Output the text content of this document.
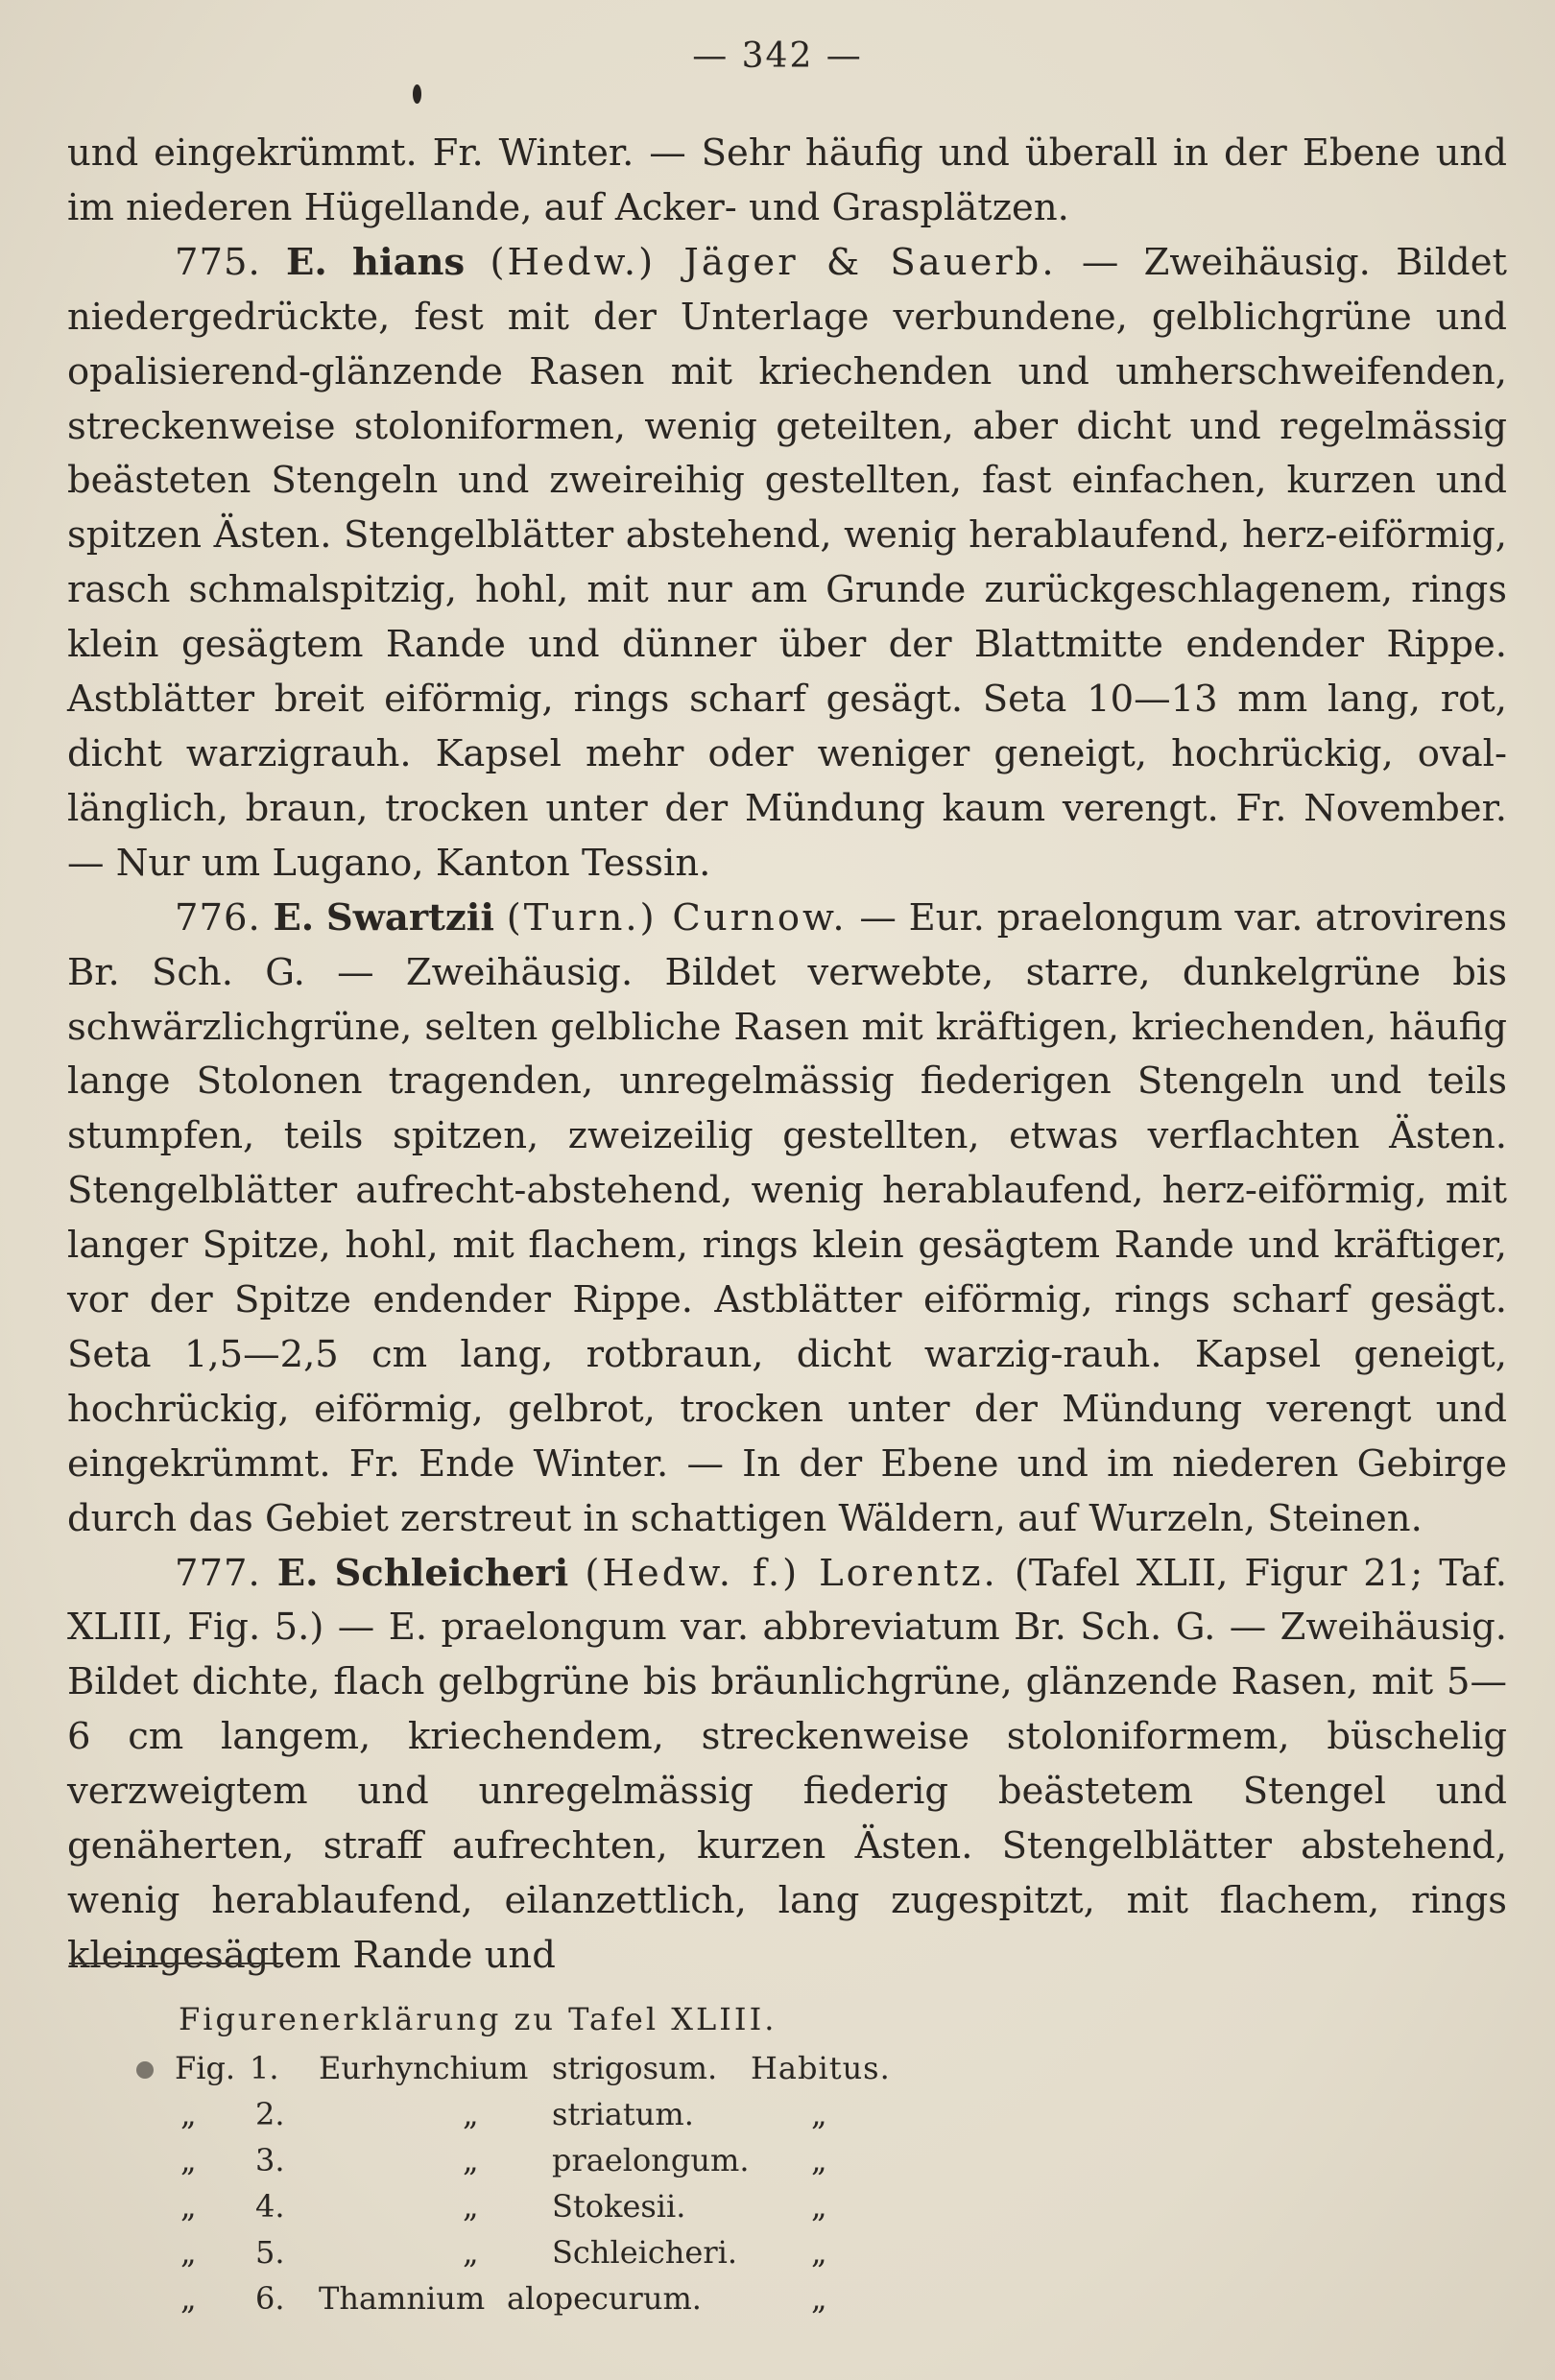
— 342 —

und eingekrümmt. Fr. Winter. — Sehr häufig und überall in der Ebene und im niederen Hügellande, auf Acker- und Grasplätzen.

775. E. hians (Hedw.) Jäger & Sauerb. — Zweihäusig. Bildet niedergedrückte, fest mit der Unterlage verbundene, gelblichgrüne und opalisierend-glänzende Rasen mit kriechenden und umherschweifenden, streckenweise stoloniformen, wenig geteilten, aber dicht und regelmässig beästeten Stengeln und zweireihig gestellten, fast einfachen, kurzen und spitzen Ästen. Stengelblätter abstehend, wenig herablaufend, herz-eiförmig, rasch schmalspitzig, hohl, mit nur am Grunde zurückgeschlagenem, rings klein gesägtem Rande und dünner über der Blattmitte endender Rippe. Astblätter breit eiförmig, rings scharf gesägt. Seta 10—13 mm lang, rot, dicht warzigrauh. Kapsel mehr oder weniger geneigt, hochrückig, oval-länglich, braun, trocken unter der Mündung kaum verengt. Fr. November. — Nur um Lugano, Kanton Tessin.

776. E. Swartzii (Turn.) Curnow. — Eur. praelongum var. atrovirens Br. Sch. G. — Zweihäusig. Bildet verwebte, starre, dunkelgrüne bis schwärzlichgrüne, selten gelbliche Rasen mit kräftigen, kriechenden, häufig lange Stolonen tragenden, unregelmässig fiederigen Stengeln und teils stumpfen, teils spitzen, zweizeilig gestellten, etwas verflachten Ästen. Stengelblätter aufrecht-abstehend, wenig herablaufend, herz-eiförmig, mit langer Spitze, hohl, mit flachem, rings klein gesägtem Rande und kräftiger, vor der Spitze endender Rippe. Astblätter eiförmig, rings scharf gesägt. Seta 1,5—2,5 cm lang, rotbraun, dicht warzig-rauh. Kapsel geneigt, hochrückig, eiförmig, gelbrot, trocken unter der Mündung verengt und eingekrümmt. Fr. Ende Winter. — In der Ebene und im niederen Gebirge durch das Gebiet zerstreut in schattigen Wäldern, auf Wurzeln, Steinen.

777. E. Schleicheri (Hedw. f.) Lorentz. (Tafel XLII, Figur 21; Taf. XLIII, Fig. 5.) — E. praelongum var. abbreviatum Br. Sch. G. — Zweihäusig. Bildet dichte, flach gelbgrüne bis bräunlichgrüne, glänzende Rasen, mit 5—6 cm langem, kriechendem, streckenweise stoloniformem, büschelig verzweigtem und unregelmässig fiederig beästetem Stengel und genäherten, straff aufrechten, kurzen Ästen. Stengelblätter abstehend, wenig herablaufend, eilanzettlich, lang zugespitzt, mit flachem, rings kleingesägtem Rande und

Figurenerklärung zu Tafel XLIII.
Fig. 1. Eurhynchium strigosum. Habitus.
„ 2.	„ striatum.	„
„ 3.	„ praelongum. „
„ 4.	„ Stokesii.	„
„ 5.	„ Schleicheri. „
„ 6. Thamnium alopecurum.	„
